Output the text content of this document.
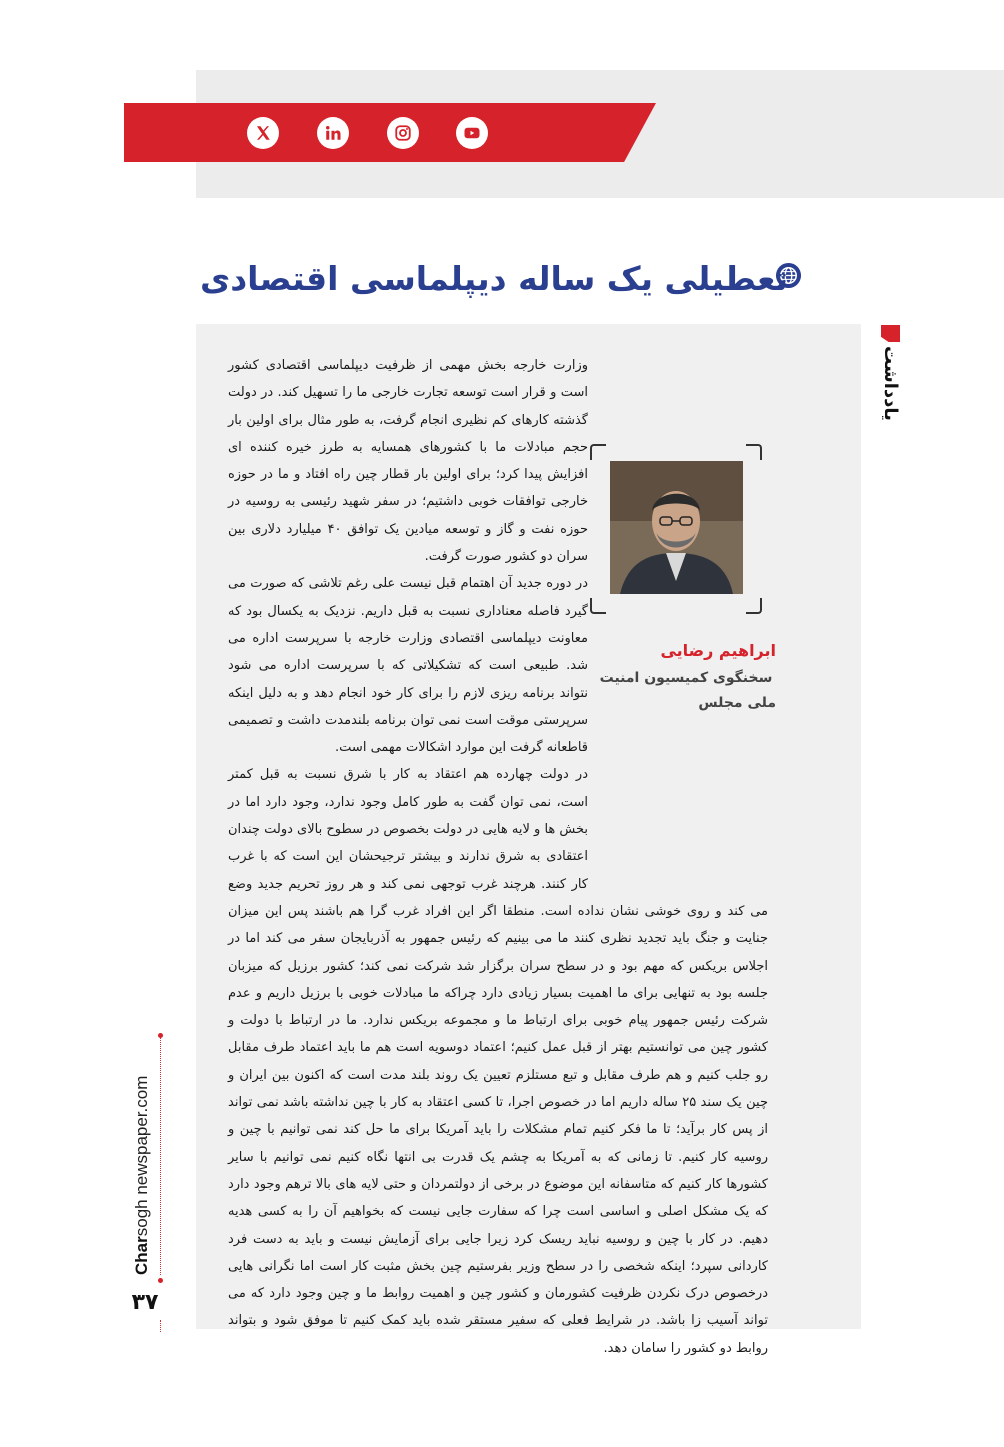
تعطیلی یک ساله دیپلماسی اقتصادی
یادداشت
ابراهیم رضایی
سخنگوی کمیسیون امنیت ملی مجلس

وزارت خارجه بخش مهمی از ظرفیت دیپلماسی اقتصادی کشور است و قرار است توسعه تجارت خارجی ما را تسهیل کند. در دولت گذشته کارهای کم نظیری انجام گرفت، به طور مثال برای اولین بار حجم مبادلات ما با کشورهای همسایه به طرز خیره کننده ای افزایش پیدا کرد؛ برای اولین بار قطار چین راه افتاد و ما در حوزه خارجی توافقات خوبی داشتیم؛ در سفر شهید رئیسی به روسیه در حوزه نفت و گاز و توسعه میادین یک توافق ۴۰ میلیارد دلاری بین سران دو کشور صورت گرفت.

در دوره جدید آن اهتمام قبل نیست علی رغم تلاشی که صورت می گیرد فاصله معناداری نسبت به قبل داریم. نزدیک به یکسال بود که معاونت دیپلماسی اقتصادی وزارت خارجه با سرپرست اداره می شد. طبیعی است که تشکیلاتی که با سرپرست اداره می شود نتواند برنامه ریزی لازم را برای کار خود انجام دهد و به دلیل اینکه سرپرستی موقت است نمی توان برنامه بلندمدت داشت و تصمیمی قاطعانه گرفت این موارد اشکالات مهمی است.

در دولت چهارده هم اعتقاد به کار با شرق نسبت به قبل کمتر است، نمی توان گفت به طور کامل وجود ندارد، وجود دارد اما در بخش ها و لایه هایی در دولت بخصوص در سطوح بالای دولت چندان اعتقادی به شرق ندارند و بیشتر ترجیحشان این است که با غرب کار کنند. هرچند غرب توجهی نمی کند و هر روز تحریم جدید وضع می کند و روی خوشی نشان نداده است. منطقا اگر این افراد غرب گرا هم باشند پس این میزان جنایت و جنگ باید تجدید نظری کنند ما می بینیم که رئیس جمهور به آذربایجان سفر می کند اما در اجلاس بریکس که مهم بود و در سطح سران برگزار شد شرکت نمی کند؛ کشور برزیل که میزبان جلسه بود به تنهایی برای ما اهمیت بسیار زیادی دارد چراکه ما مبادلات خوبی با برزیل داریم و عدم شرکت رئیس جمهور پیام خوبی برای ارتباط ما و مجموعه بریکس ندارد. ما در ارتباط با دولت و کشور چین می توانستیم بهتر از قبل عمل کنیم؛ اعتماد دوسویه است هم ما باید اعتماد طرف مقابل رو جلب کنیم و هم طرف مقابل و تبع مستلزم تعیین یک روند بلند مدت است که اکنون بین ایران و چین یک سند ۲۵ ساله داریم اما در خصوص اجرا، تا کسی اعتقاد به کار با چین نداشته باشد نمی تواند از پس کار برآید؛ تا ما فکر کنیم تمام مشکلات را باید آمریکا برای ما حل کند نمی توانیم با چین و روسیه کار کنیم. تا زمانی که به آمریکا به چشم یک قدرت بی انتها نگاه کنیم نمی توانیم با سایر کشورها کار کنیم که متاسفانه این موضوع در برخی از دولتمردان و حتی لایه های بالا ترهم وجود دارد که یک مشکل اصلی و اساسی است چرا که سفارت جایی نیست که بخواهیم آن را به کسی هدیه دهیم. در کار با چین و روسیه نباید ریسک کرد زیرا جایی برای آزمایش نیست و باید به دست فرد کاردانی سپرد؛ اینکه شخصی را در سطح وزیر بفرستیم چین بخش مثبت کار است اما نگرانی هایی درخصوص درک نکردن ظرفیت کشورمان و کشور چین و اهمیت روابط ما و چین وجود دارد که می تواند آسیب زا باشد. در شرایط فعلی که سفیر مستقر شده باید کمک کنیم تا موفق شود و بتواند روابط دو کشور را سامان دهد.

Charsogh newspaper.com
۳۷
